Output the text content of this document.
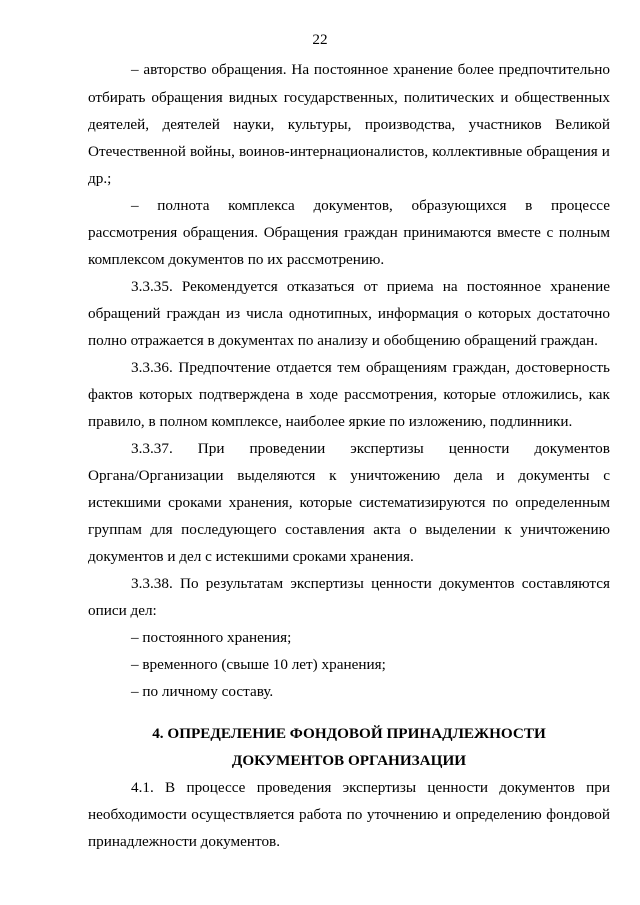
22
– авторство обращения. На постоянное хранение более предпочтительно
отбирать обращения видных государственных, политических и общественных
деятелей, деятелей науки, культуры, производства, участников Великой
Отечественной войны, воинов-интернационалистов, коллективные обращения и
др.;
– полнота комплекса документов, образующихся в процессе
рассмотрения обращения. Обращения граждан принимаются вместе с полным
комплексом документов по их рассмотрению.
3.3.35. Рекомендуется отказаться от приема на постоянное хранение
обращений граждан из числа однотипных, информация о которых достаточно
полно отражается в документах по анализу и обобщению обращений граждан.
3.3.36. Предпочтение отдается тем обращениям граждан, достоверность
фактов которых подтверждена в ходе рассмотрения, которые отложились, как
правило, в полном комплексе, наиболее яркие по изложению, подлинники.
3.3.37. При проведении экспертизы ценности документов
Органа/Организации выделяются к уничтожению дела и документы с
истекшими сроками хранения, которые систематизируются по определенным
группам для последующего составления акта о выделении к уничтожению
документов и дел с истекшими сроками хранения.
3.3.38. По результатам экспертизы ценности документов составляются
описи дел:
– постоянного хранения;
– временного (свыше 10 лет) хранения;
– по личному составу.
4. ОПРЕДЕЛЕНИЕ ФОНДОВОЙ ПРИНАДЛЕЖНОСТИ
ДОКУМЕНТОВ ОРГАНИЗАЦИИ
4.1. В процессе проведения экспертизы ценности документов при
необходимости осуществляется работа по уточнению и определению фондовой
принадлежности документов.
